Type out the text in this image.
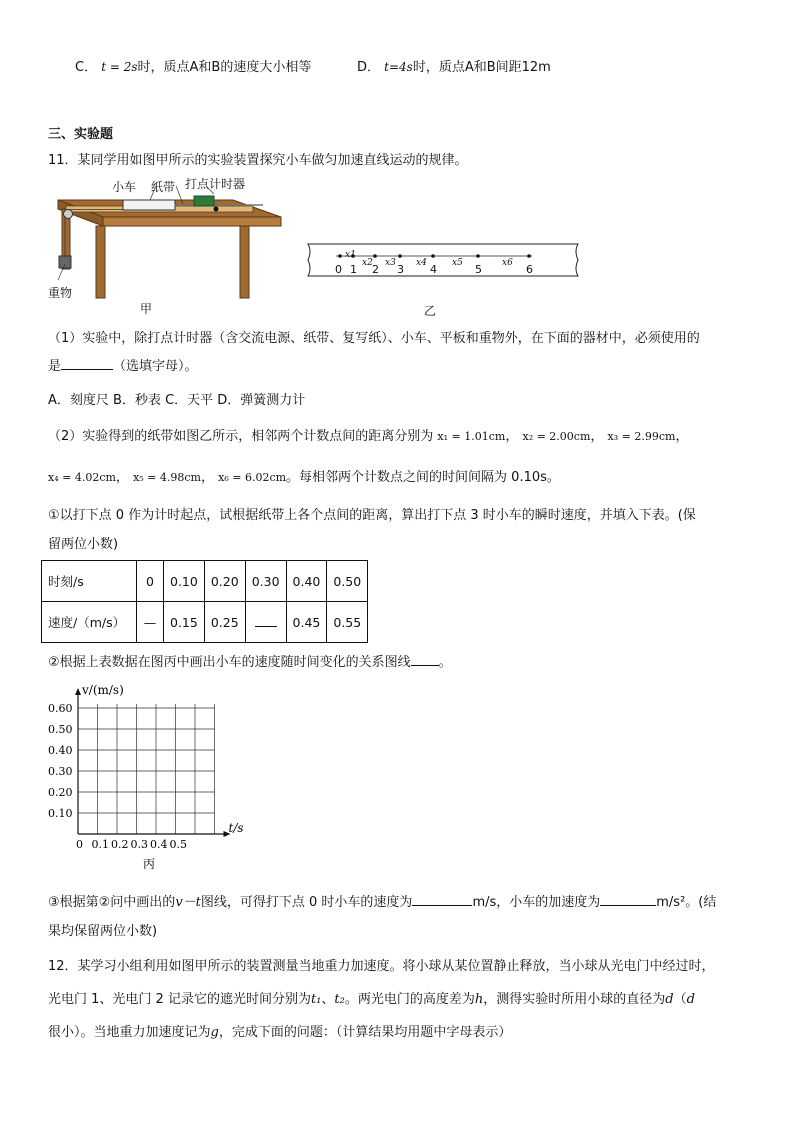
C． t = 2s时，质点A和B的速度大小相等	D． t=4s时，质点A和B间距12m
三、实验题
11．某同学用如图甲所示的实验装置探究小车做匀加速直线运动的规律。
小车 纸带 打点计时器
重物
甲
x1
x2 x3 x4	x5	x6
0 1 2 3 4	5	6
乙
（1）实验中，除打点计时器（含交流电源、纸带、复写纸）、小车、平板和重物外，在下面的器材中，必须使用的
是	（选填字母）。
A．刻度尺 B．秒表 C．天平 D．弹簧测力计
（2）实验得到的纸带如图乙所示，相邻两个计数点间的距离分别为 x₁ = 1.01cm， x₂ = 2.00cm， x₃ = 2.99cm，
x₄ = 4.02cm， x₅ = 4.98cm， x₆ = 6.02cm。每相邻两个计数点之间的时间间隔为 0.10s。
①以打下点 0 作为计时起点，试根据纸带上各个点间的距离，算出打下点 3 时小车的瞬时速度，并填入下表。(保
留两位小数)
时刻/s	0	0.10	0.20	0.30	0.40	0.50
速度/（m/s）	—	0.15	0.25		0.45	0.55
②根据上表数据在图丙中画出小车的速度随时间变化的关系图线 。
0 0.1 0.2 0.3 0.4 0.5
0.10
0.20
0.30
0.40
0.50
0.60
v/(m/s)
t/s
丙
③根据第②问中画出的v－t图线，可得打下点 0 时小车的速度为	m/s，小车的加速度为	m/s²。(结
果均保留两位小数)
12．某学习小组利用如图甲所示的装置测量当地重力加速度。将小球从某位置静止释放，当小球从光电门中经过时，
光电门 1、光电门 2 记录它的遮光时间分别为t₁、t₂。两光电门的高度差为h，测得实验时所用小球的直径为d（d
很小）。当地重力加速度记为g，完成下面的问题：（计算结果均用题中字母表示）
